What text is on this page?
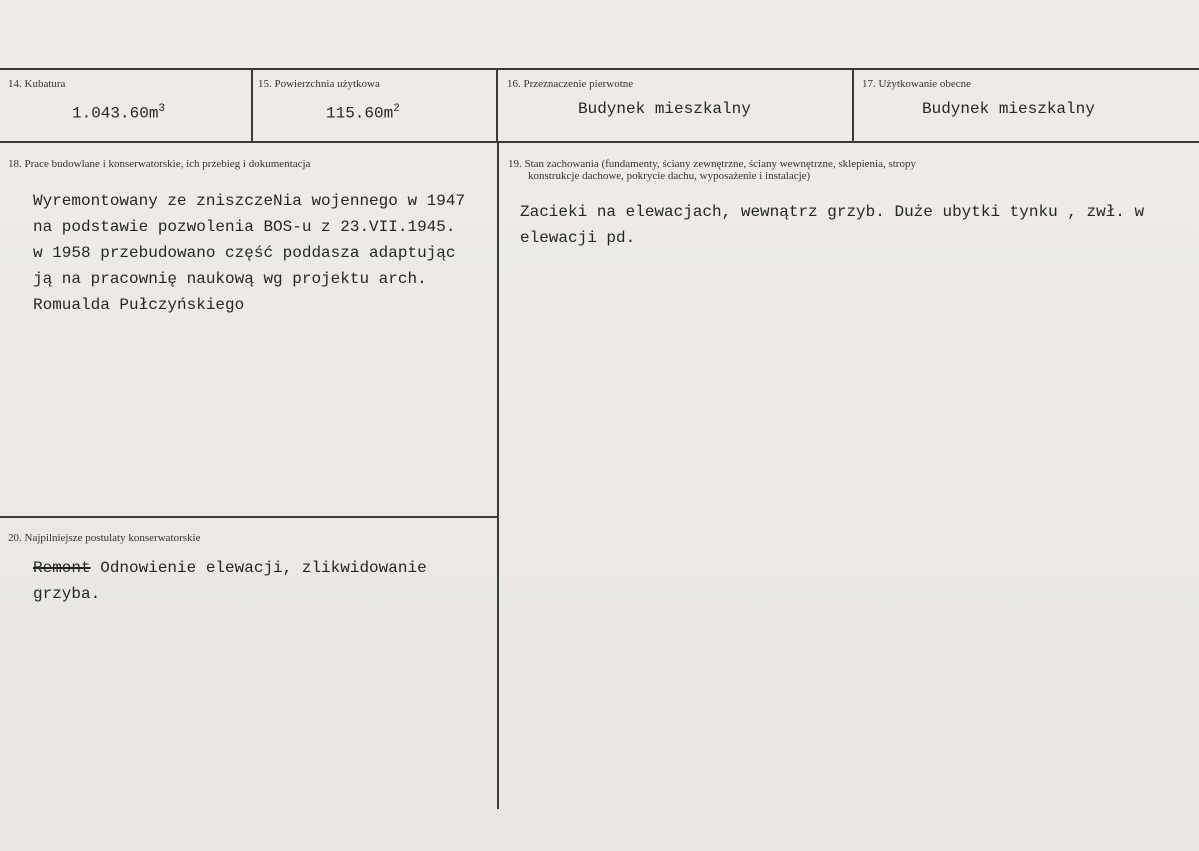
14. Kubatura
$1.043.60m^3$
15. Powierzchnia użytkowa
$115.60m^2$
16. Przeznaczenie pierwotne
Budynek mieszkalny
17. Użytkowanie obecne
Budynek mieszkalny
18. Prace budowlane i konserwatorskie, ich przebieg i dokumentacja
Wyremontowany ze zniszczeNia wojennego w 1947
na podstawie pozwolenia BOS-u z 23.VII.1945.
w 1958 przebudowano część poddasza adaptując
ją na pracownię naukową wg projektu arch.
Romualda Pułczyńskiego
19. Stan zachowania (fundamenty, ściany zewnętrzne, ściany wewnętrzne, sklepienia, stropy
konstrukcje dachowe, pokrycie dachu, wyposażenie i instalacje)
Zacieki na elewacjach, wewnątrz grzyb. Duże ubytki tynku , zwł. w
elewacji pd.
20. Najpilniejsze postulaty konserwatorskie
Remont Odnowienie elewacji, zlikwidowanie
grzyba.
